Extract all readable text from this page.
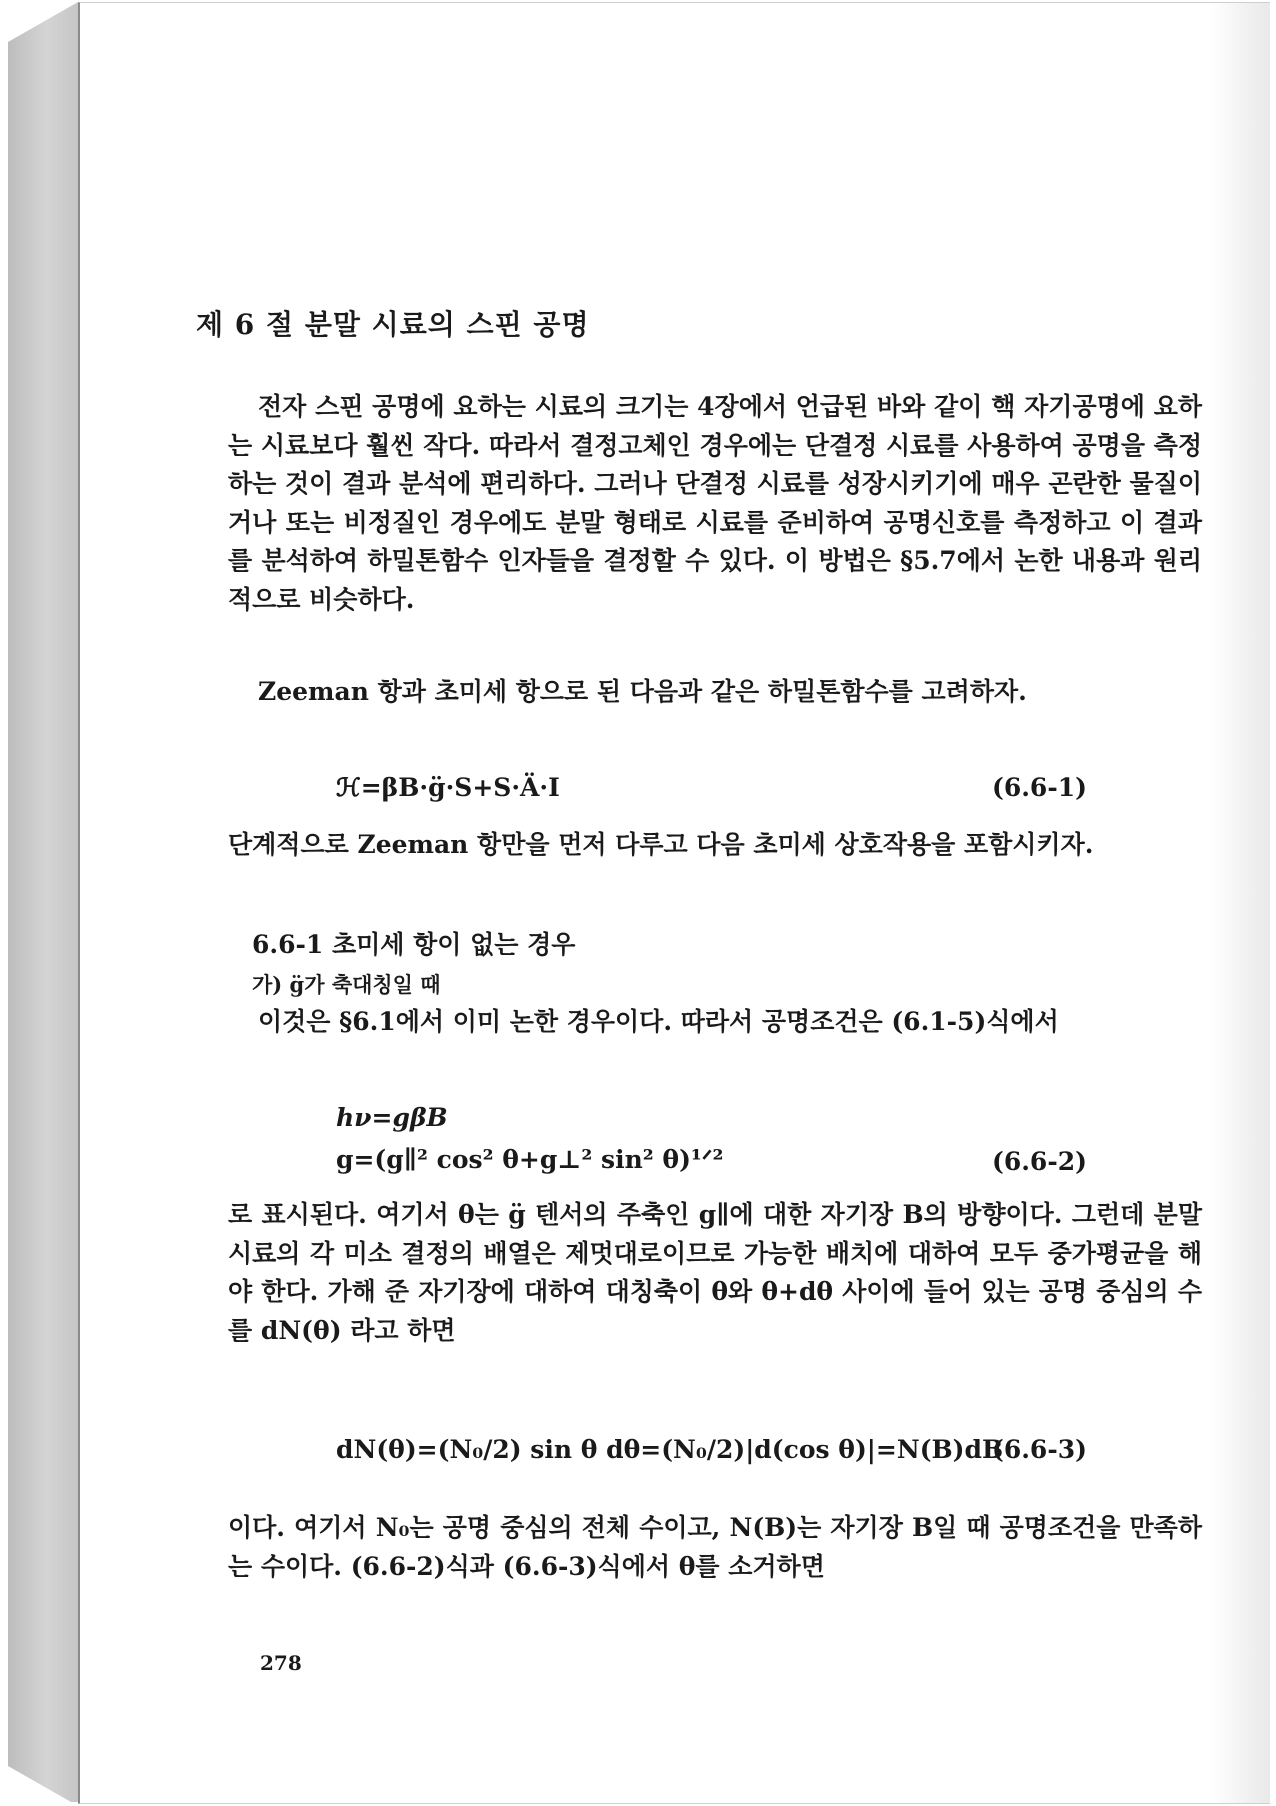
제 6 절 분말 시료의 스핀 공명

전자 스핀 공명에 요하는 시료의 크기는 4장에서 언급된 바와 같이 핵 자기공명에 요하는 시료보다 훨씬 작다. 따라서 결정고체인 경우에는 단결정 시료를 사용하여 공명을 측정하는 것이 결과 분석에 편리하다. 그러나 단결정 시료를 성장시키기에 매우 곤란한 물질이거나 또는 비정질인 경우에도 분말 형태로 시료를 준비하여 공명신호를 측정하고 이 결과를 분석하여 하밀톤함수 인자들을 결정할 수 있다. 이 방법은 §5.7에서 논한 내용과 원리적으로 비슷하다.

Zeeman 항과 초미세 항으로 된 다음과 같은 하밀톤함수를 고려하자.

ℋ=βB·g̈·S+S·Ä·I	(6.6-1)

단계적으로 Zeeman 항만을 먼저 다루고 다음 초미세 상호작용을 포함시키자.

6.6-1 초미세 항이 없는 경우
가) g̈가 축대칭일 때

이것은 §6.1에서 이미 논한 경우이다. 따라서 공명조건은 (6.1-5)식에서

hν=gβB
g=(g∥² cos² θ+g⊥² sin² θ)¹ᐟ²	(6.6-2)

로 표시된다. 여기서 θ는 g̈ 텐서의 주축인 g∥에 대한 자기장 B의 방향이다. 그런데 분말 시료의 각 미소 결정의 배열은 제멋대로이므로 가능한 배치에 대하여 모두 중가평균을 해야 한다. 가해 준 자기장에 대하여 대칭축이 θ와 θ+dθ 사이에 들어 있는 공명 중심의 수를 dN(θ) 라고 하면

dN(θ)=(N₀/2) sin θ dθ=(N₀/2)|d(cos θ)|=N(B)dB
(6.6-3)

이다. 여기서 N₀는 공명 중심의 전체 수이고, N(B)는 자기장 B일 때 공명조건을 만족하는 수이다. (6.6-2)식과 (6.6-3)식에서 θ를 소거하면

278
